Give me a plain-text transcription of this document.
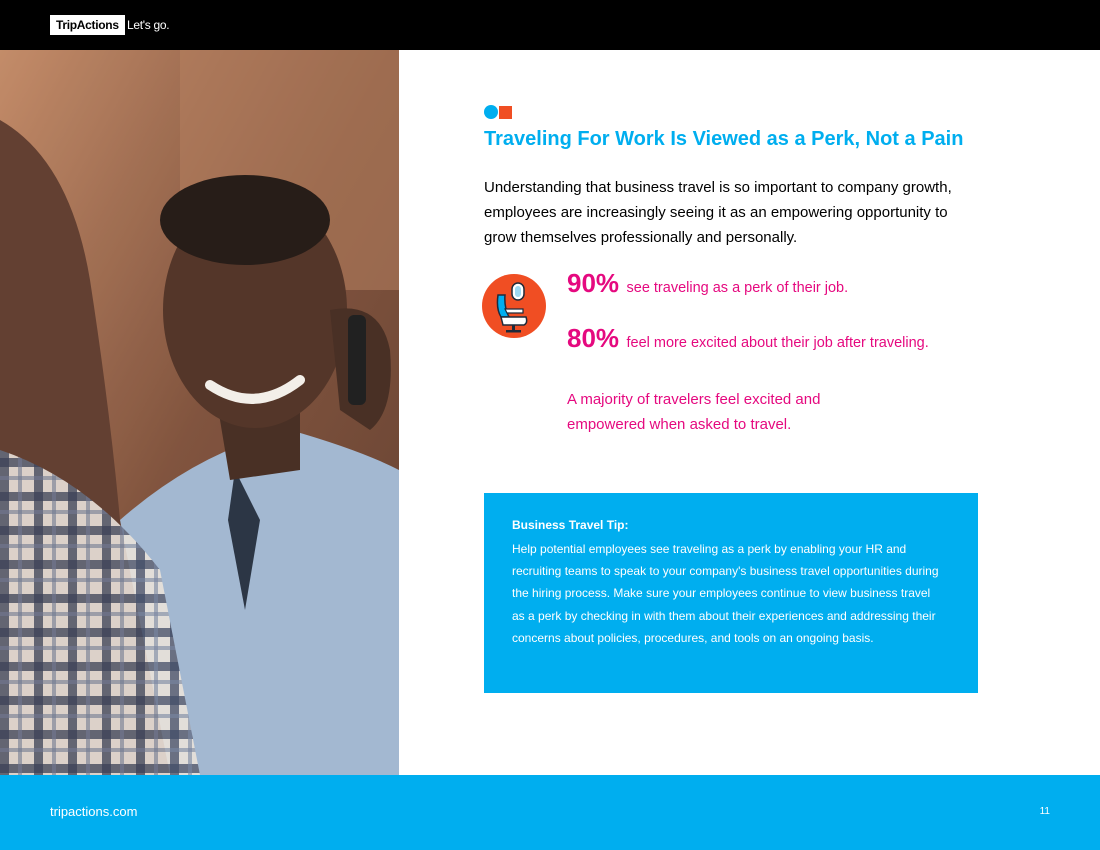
TripActions Let's go.
Traveling For Work Is Viewed as a Perk, Not a Pain
Understanding that business travel is so important to company growth, employees are increasingly seeing it as an empowering opportunity to grow themselves professionally and personally.
90% see traveling as a perk of their job.
80% feel more excited about their job after traveling.
A majority of travelers feel excited and empowered when asked to travel.
Business Travel Tip:
Help potential employees see traveling as a perk by enabling your HR and recruiting teams to speak to your company's business travel opportunities during the hiring process. Make sure your employees continue to view business travel as a perk by checking in with them about their experiences and addressing their concerns about policies, procedures, and tools on an ongoing basis.
tripactions.com	11
